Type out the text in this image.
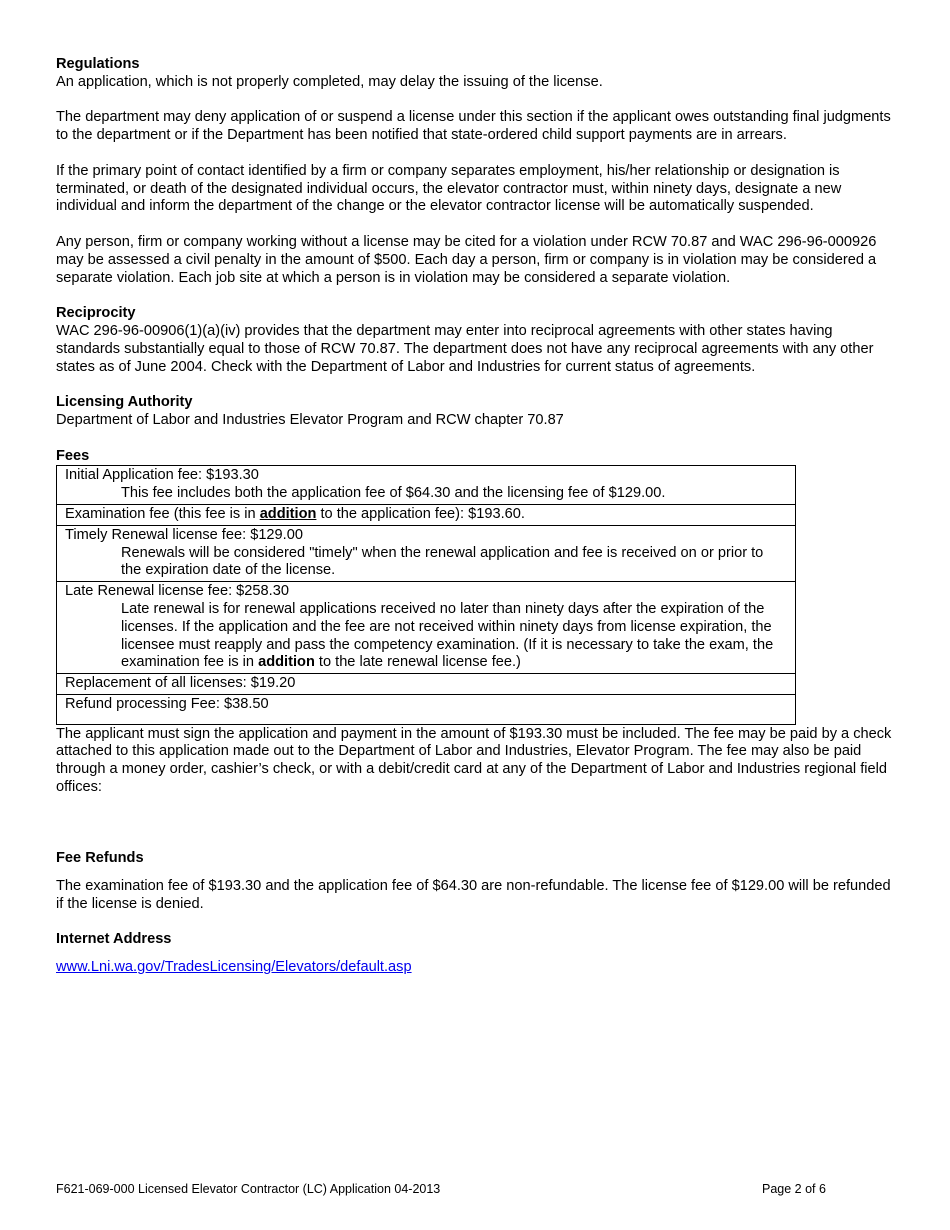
Regulations

An application, which is not properly completed, may delay the issuing of the license.

The department may deny application of or suspend a license under this section if the applicant owes outstanding final judgments to the department or if the Department has been notified that state-ordered child support payments are in arrears.

If the primary point of contact identified by a firm or company separates employment, his/her relationship or designation is terminated, or death of the designated individual occurs, the elevator contractor must, within ninety days, designate a new individual and inform the department of the change or the elevator contractor license will be automatically suspended.

Any person, firm or company working without a license may be cited for a violation under RCW 70.87 and WAC 296-96-000926 may be assessed a civil penalty in the amount of $500. Each day a person, firm or company is in violation may be considered a separate violation. Each job site at which a person is in violation may be considered a separate violation.

Reciprocity

WAC 296-96-00906(1)(a)(iv) provides that the department may enter into reciprocal agreements with other states having standards substantially equal to those of RCW 70.87. The department does not have any reciprocal agreements with any other states as of June 2004. Check with the Department of Labor and Industries for current status of agreements.

Licensing Authority

Department of Labor and Industries Elevator Program and RCW chapter 70.87

Fees
Initial Application fee: $193.30
This fee includes both the application fee of $64.30 and the licensing fee of $129.00.

Examination fee (this fee is in addition to the application fee): $193.60.

Timely Renewal license fee: $129.00
Renewals will be considered "timely" when the renewal application and fee is received on or prior to the expiration date of the license.

Late Renewal license fee: $258.30
Late renewal is for renewal applications received no later than ninety days after the expiration of the licenses. If the application and the fee are not received within ninety days from license expiration, the licensee must reapply and pass the competency examination. (If it is necessary to take the exam, the examination fee is in addition to the late renewal license fee.)

Replacement of all licenses: $19.20
Refund processing Fee: $38.50

The applicant must sign the application and payment in the amount of $193.30 must be included. The fee may be paid by a check attached to this application made out to the Department of Labor and Industries, Elevator Program. The fee may also be paid through a money order, cashier’s check, or with a debit/credit card at any of the Department of Labor and Industries regional field offices:

Fee Refunds

The examination fee of $193.30 and the application fee of $64.30 are non-refundable. The license fee of $129.00 will be refunded if the license is denied.

Internet Address
www.Lni.wa.gov/TradesLicensing/Elevators/default.asp
F621-069-000 Licensed Elevator Contractor (LC) Application 04-2013	Page 2 of 6
